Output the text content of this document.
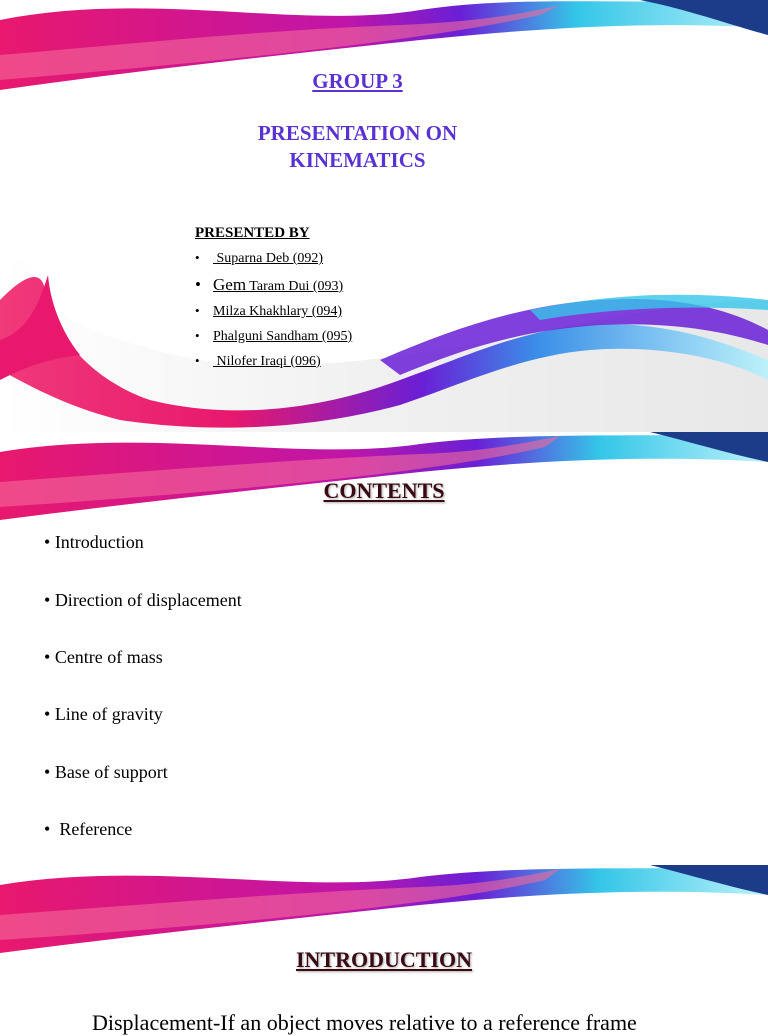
GROUP 3
PRESENTATION ON
KINEMATICS
PRESENTED BY
•	Suparna Deb (092)
• Gem Taram Dui (093)
• Milza Khakhlary (094)
• Phalguni Sandham (095)
•	Nilofer Iraqi (096)
CONTENTS
• Introduction
• Direction of displacement
• Centre of mass
• Line of gravity
• Base of support
•  Reference
INTRODUCTION
Displacement-If an object moves relative to a reference frame
